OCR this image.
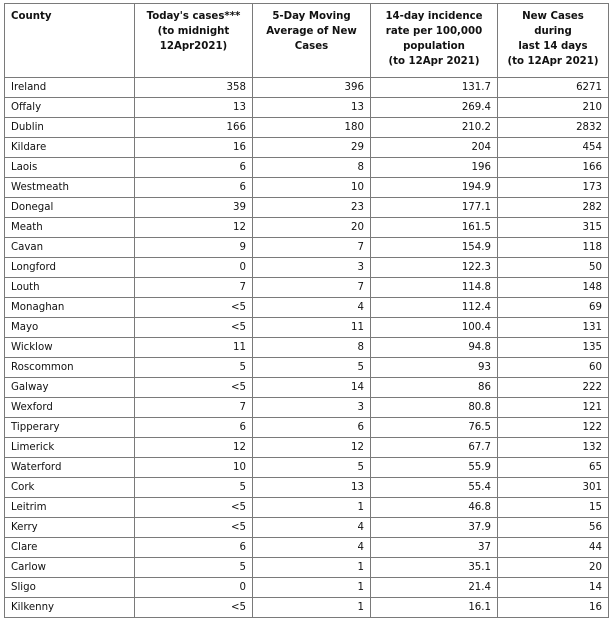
County	Today's cases***
(to midnight
12Apr2021)	5-Day Moving
Average of New
Cases	14-day incidence
rate per 100,000
population
(to 12Apr 2021)	New Cases during
last 14 days
(to 12Apr 2021)

Ireland	358	396	131.7	6271
Offaly	13	13	269.4	210
Dublin	166	180	210.2	2832
Kildare	16	29	204	454
Laois	6	8	196	166
Westmeath	6	10	194.9	173
Donegal	39	23	177.1	282
Meath	12	20	161.5	315
Cavan	9	7	154.9	118
Longford	0	3	122.3	50
Louth	7	7	114.8	148
Monaghan	<5	4	112.4	69
Mayo	<5	11	100.4	131
Wicklow	11	8	94.8	135
Roscommon	5	5	93	60
Galway	<5	14	86	222
Wexford	7	3	80.8	121
Tipperary	6	6	76.5	122
Limerick	12	12	67.7	132
Waterford	10	5	55.9	65
Cork	5	13	55.4	301
Leitrim	<5	1	46.8	15
Kerry	<5	4	37.9	56
Clare	6	4	37	44
Carlow	5	1	35.1	20
Sligo	0	1	21.4	14
Kilkenny	<5	1	16.1	16
